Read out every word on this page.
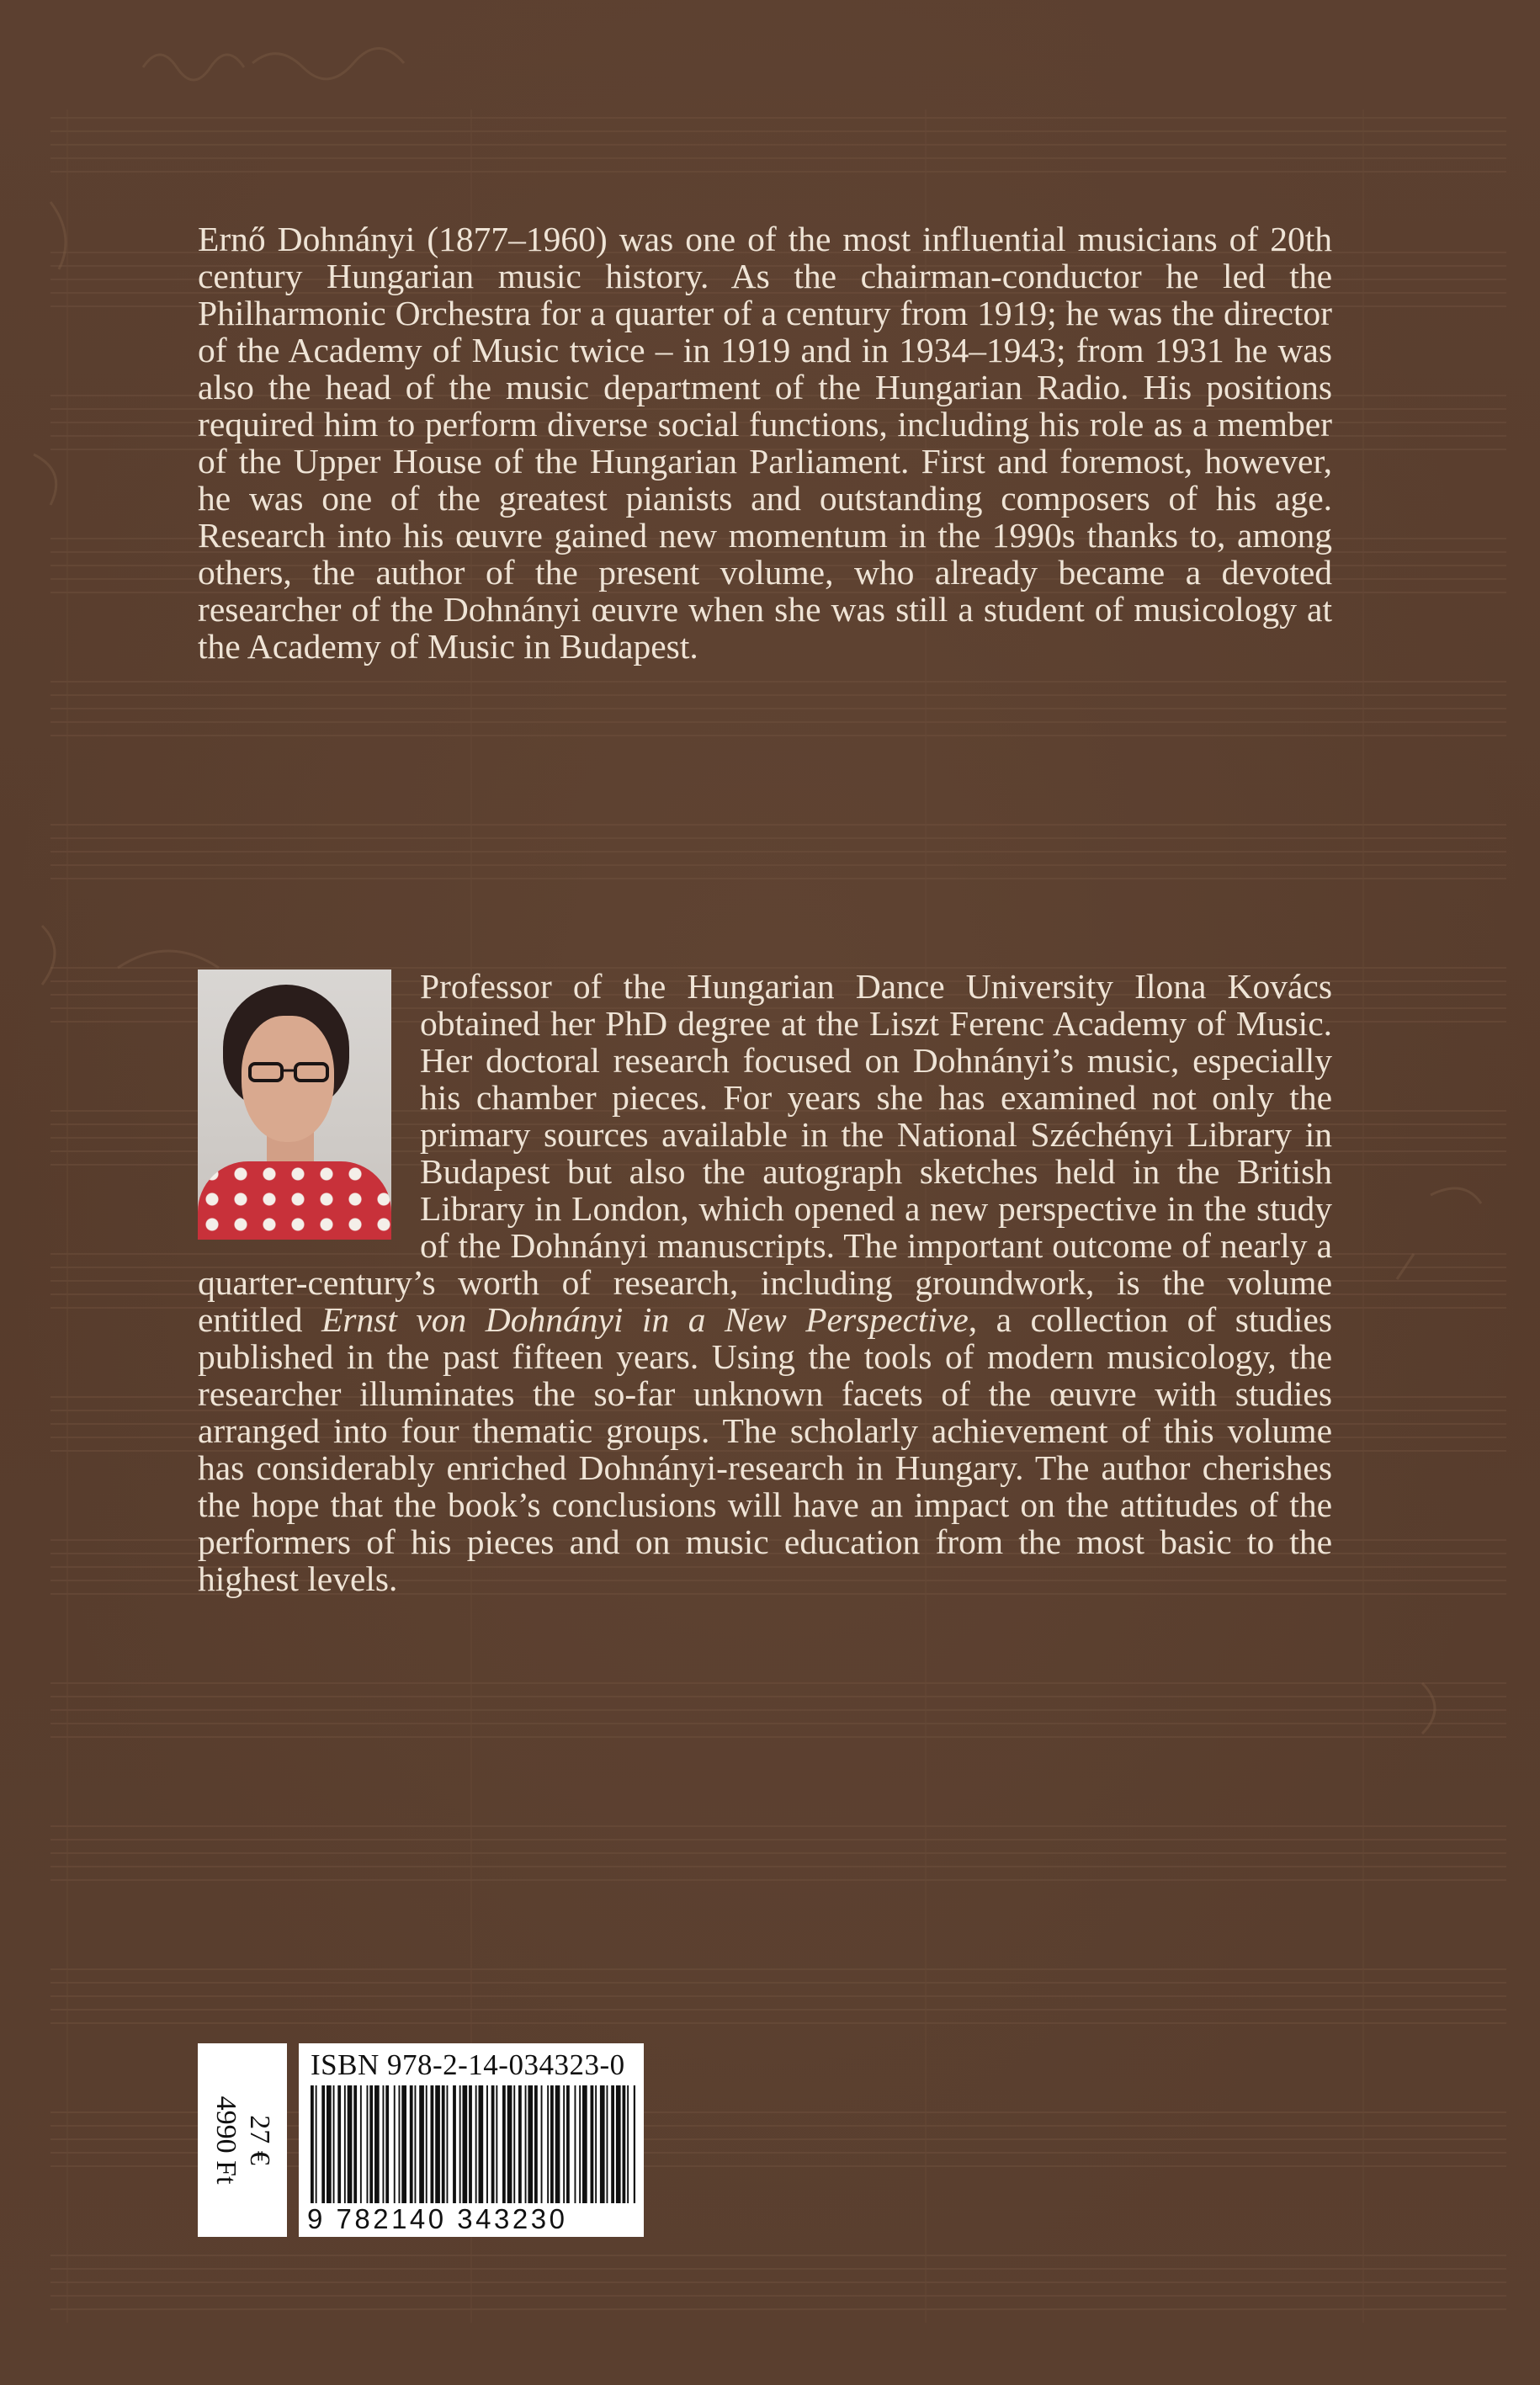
Ernő Dohnányi (1877–1960) was one of the most influential musicians of 20th century Hungarian music history. As the chairman-conductor he led the Philharmonic Orchestra for a quarter of a century from 1919; he was the director of the Academy of Music twice – in 1919 and in 1934–1943; from 1931 he was also the head of the music department of the Hungarian Radio. His positions required him to perform diverse social functions, including his role as a member of the Upper House of the Hungarian Parliament. First and foremost, however, he was one of the greatest pianists and outstanding composers of his age. Research into his œuvre gained new momentum in the 1990s thanks to, among others, the author of the present volume, who already became a devoted researcher of the Dohnányi œuvre when she was still a student of musicology at the Academy of Music in Budapest.
Professor of the Hungarian Dance University Ilona Kovács obtained her PhD degree at the Liszt Ferenc Academy of Music. Her doctoral research focused on Dohnányi’s music, especially his chamber pieces. For years she has examined not only the primary sources available in the National Széchényi Library in Budapest but also the autograph sketches held in the British Library in London, which opened a new perspective in the study of the Dohnányi manuscripts. The important outcome of nearly a quarter-century’s worth of research, including groundwork, is the volume entitled Ernst von Dohnányi in a New Perspective, a collection of studies published in the past fifteen years. Using the tools of modern musicology, the researcher illuminates the so-far unknown facets of the œuvre with studies arranged into four thematic groups. The scholarly achievement of this volume has considerably enriched Dohnányi-research in Hungary. The author cherishes the hope that the book’s conclusions will have an impact on the attitudes of the performers of his pieces and on music education from the most basic to the highest levels.
27 €
4990 Ft
ISBN 978-2-14-034323-0
9 782140 343230
